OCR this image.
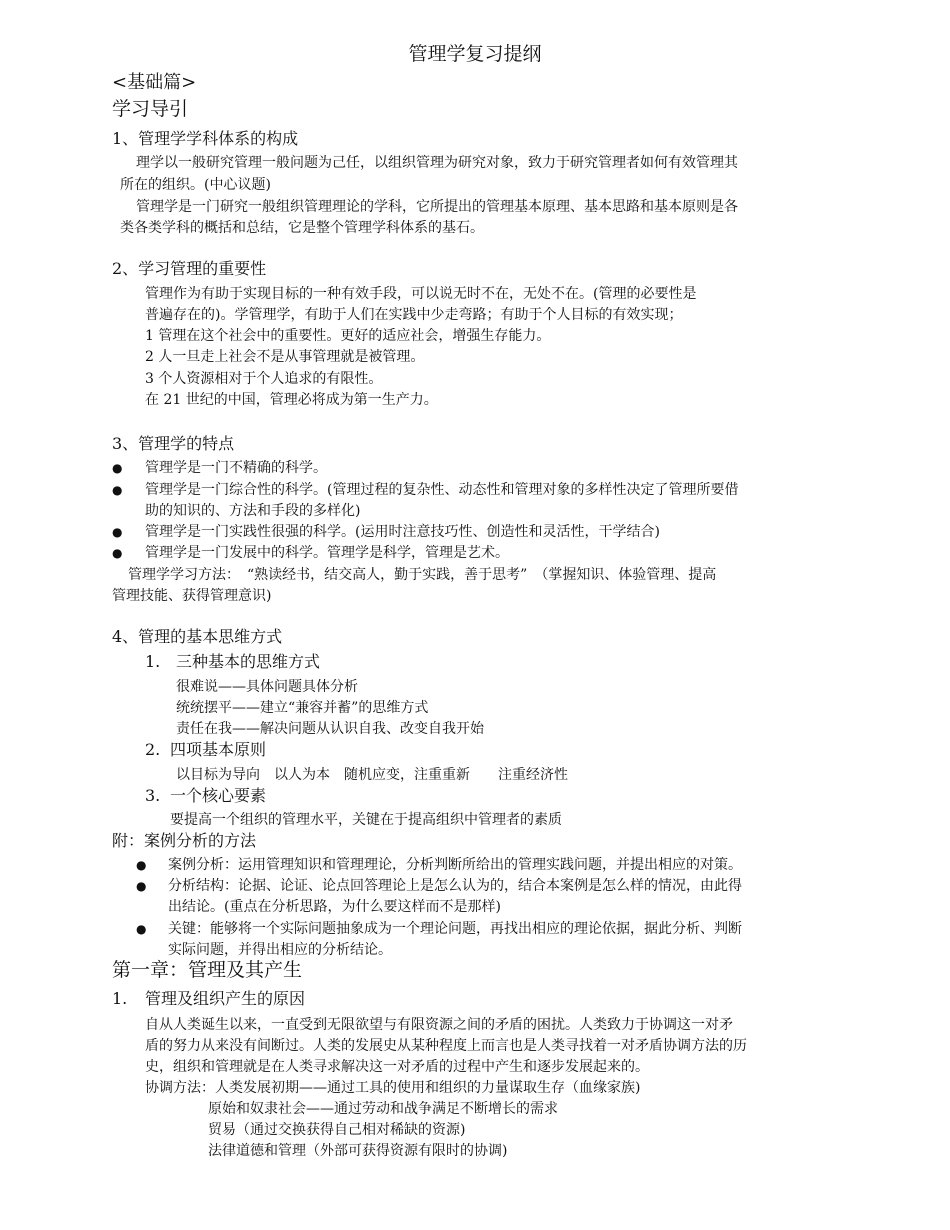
管理学复习提纲
<基础篇>
学习导引
1、管理学学科体系的构成
理学以一般研究管理一般问题为己任，以组织管理为研究对象，致力于研究管理者如何有效管理其
所在的组织。(中心议题)
管理学是一门研究一般组织管理理论的学科，它所提出的管理基本原理、基本思路和基本原则是各
类各类学科的概括和总结，它是整个管理学科体系的基石。
2、学习管理的重要性
管理作为有助于实现目标的一种有效手段，可以说无时不在，无处不在。(管理的必要性是
普遍存在的)。学管理学，有助于人们在实践中少走弯路；有助于个人目标的有效实现；
1 管理在这个社会中的重要性。更好的适应社会，增强生存能力。
2 人一旦走上社会不是从事管理就是被管理。
3 个人资源相对于个人追求的有限性。
在 21 世纪的中国，管理必将成为第一生产力。
3、管理学的特点
● 管理学是一门不精确的科学。
● 管理学是一门综合性的科学。(管理过程的复杂性、动态性和管理对象的多样性决定了管理所要借
助的知识的、方法和手段的多样化)
● 管理学是一门实践性很强的科学。(运用时注意技巧性、创造性和灵活性，干学结合)
● 管理学是一门发展中的科学。管理学是科学，管理是艺术。
管理学学习方法：　“熟读经书，结交高人，勤于实践，善于思考”　（掌握知识、体验管理、提高
管理技能、获得管理意识)
4、管理的基本思维方式
1. 三种基本的思维方式
很难说——具体问题具体分析
统统摆平——建立“兼容并蓄”的思维方式
责任在我——解决问题从认识自我、改变自我开始
2. 四项基本原则
以目标为导向　以人为本　随机应变，注重重新　　注重经济性
3. 一个核心要素
要提高一个组织的管理水平，关键在于提高组织中管理者的素质
附：案例分析的方法
● 案例分析：运用管理知识和管理理论，分析判断所给出的管理实践问题，并提出相应的对策。
● 分析结构：论据、论证、论点回答理论上是怎么认为的，结合本案例是怎么样的情况，由此得
出结论。(重点在分析思路，为什么要这样而不是那样)
● 关键：能够将一个实际问题抽象成为一个理论问题，再找出相应的理论依据，据此分析、判断
实际问题，并得出相应的分析结论。
第一章：管理及其产生
1. 管理及组织产生的原因
自从人类诞生以来，一直受到无限欲望与有限资源之间的矛盾的困扰。人类致力于协调这一对矛
盾的努力从来没有间断过。人类的发展史从某种程度上而言也是人类寻找着一对矛盾协调方法的历
史，组织和管理就是在人类寻求解决这一对矛盾的过程中产生和逐步发展起来的。
协调方法：人类发展初期——通过工具的使用和组织的力量谋取生存（血缘家族)
原始和奴隶社会——通过劳动和战争满足不断增长的需求
贸易（通过交换获得自己相对稀缺的资源)
法律道德和管理（外部可获得资源有限时的协调)
